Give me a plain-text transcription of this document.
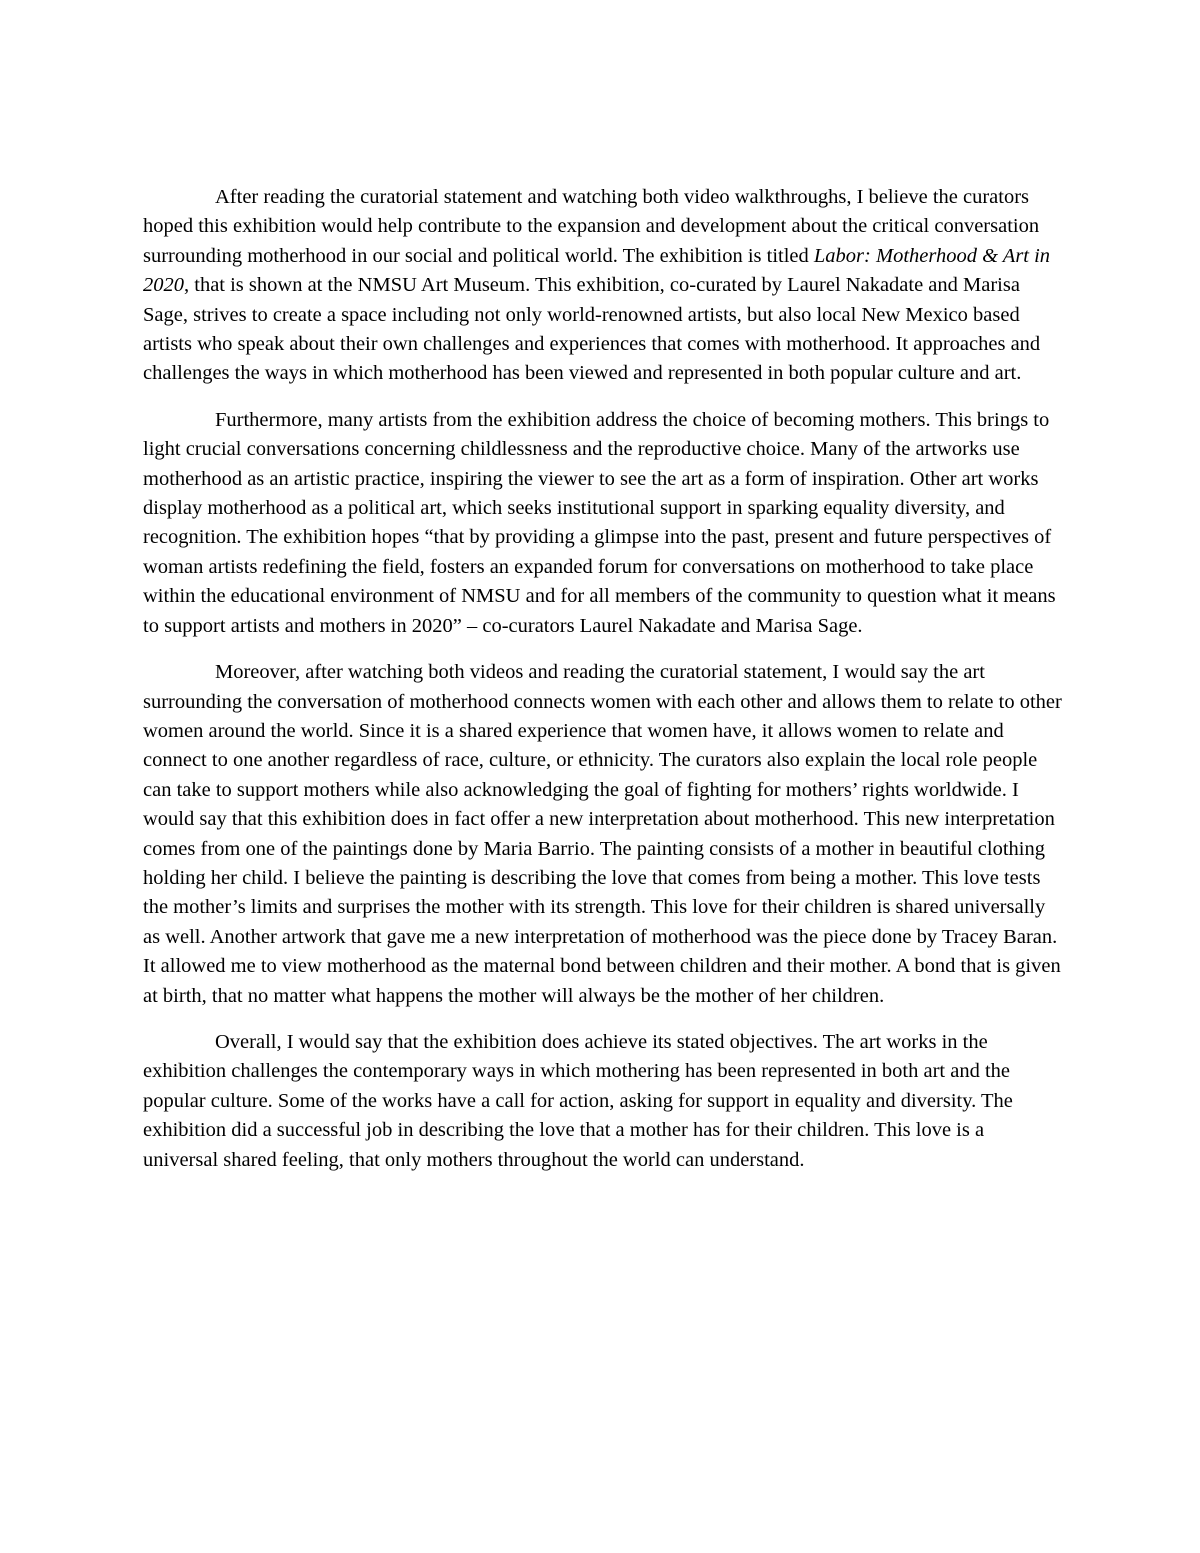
After reading the curatorial statement and watching both video walkthroughs, I believe the curators hoped this exhibition would help contribute to the expansion and development about the critical conversation surrounding motherhood in our social and political world. The exhibition is titled Labor: Motherhood & Art in 2020, that is shown at the NMSU Art Museum. This exhibition, co-curated by Laurel Nakadate and Marisa Sage, strives to create a space including not only world-renowned artists, but also local New Mexico based artists who speak about their own challenges and experiences that comes with motherhood. It approaches and challenges the ways in which motherhood has been viewed and represented in both popular culture and art.

Furthermore, many artists from the exhibition address the choice of becoming mothers. This brings to light crucial conversations concerning childlessness and the reproductive choice. Many of the artworks use motherhood as an artistic practice, inspiring the viewer to see the art as a form of inspiration. Other art works display motherhood as a political art, which seeks institutional support in sparking equality diversity, and recognition. The exhibition hopes “that by providing a glimpse into the past, present and future perspectives of woman artists redefining the field, fosters an expanded forum for conversations on motherhood to take place within the educational environment of NMSU and for all members of the community to question what it means to support artists and mothers in 2020” – co-curators Laurel Nakadate and Marisa Sage.

Moreover, after watching both videos and reading the curatorial statement, I would say the art surrounding the conversation of motherhood connects women with each other and allows them to relate to other women around the world. Since it is a shared experience that women have, it allows women to relate and connect to one another regardless of race, culture, or ethnicity. The curators also explain the local role people can take to support mothers while also acknowledging the goal of fighting for mothers’ rights worldwide. I would say that this exhibition does in fact offer a new interpretation about motherhood. This new interpretation comes from one of the paintings done by Maria Barrio. The painting consists of a mother in beautiful clothing holding her child. I believe the painting is describing the love that comes from being a mother. This love tests the mother’s limits and surprises the mother with its strength. This love for their children is shared universally as well. Another artwork that gave me a new interpretation of motherhood was the piece done by Tracey Baran. It allowed me to view motherhood as the maternal bond between children and their mother. A bond that is given at birth, that no matter what happens the mother will always be the mother of her children.

Overall, I would say that the exhibition does achieve its stated objectives. The art works in the exhibition challenges the contemporary ways in which mothering has been represented in both art and the popular culture. Some of the works have a call for action, asking for support in equality and diversity. The exhibition did a successful job in describing the love that a mother has for their children. This love is a universal shared feeling, that only mothers throughout the world can understand.
